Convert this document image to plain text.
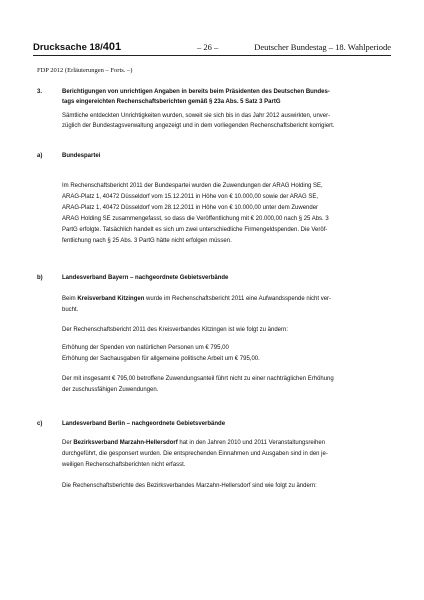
Drucksache 18/401	– 26 –	Deutscher Bundestag – 18. Wahlperiode
FDP 2012 (Erläuterungen – Forts. –)
3.	Berichtigungen von unrichtigen Angaben in bereits beim Präsidenten des Deutschen Bundes-
tags eingereichten Rechenschaftsberichten gemäß § 23a Abs. 5 Satz 3 PartG
Sämtliche entdeckten Unrichtigkeiten wurden, soweit sie sich bis in das Jahr 2012 auswirkten, unver-
züglich der Bundestagsverwaltung angezeigt und in dem vorliegenden Rechenschaftsbericht korrigiert.
a)	Bundespartei
Im Rechenschaftsbericht 2011 der Bundespartei wurden die Zuwendungen der ARAG Holding SE,
ARAG-Platz 1, 40472 Düsseldorf vom 15.12.2011 in Höhe von € 10.000,00 sowie der ARAG SE,
ARAG-Platz 1, 40472 Düsseldorf vom 28.12.2011 in Höhe von € 10.000,00 unter dem Zuwender
ARAG Holding SE zusammengefasst, so dass die Veröffentlichung mit € 20.000,00 nach § 25 Abs. 3
PartG erfolgte. Tatsächlich handelt es sich um zwei unterschiedliche Firmengeldspenden. Die Veröf-
fentlichung nach § 25 Abs. 3 PartG hätte nicht erfolgen müssen.
b)	Landesverband Bayern – nachgeordnete Gebietsverbände
Beim Kreisverband Kitzingen wurde im Rechenschaftsbericht 2011 eine Aufwandsspende nicht ver-
bucht.
Der Rechenschaftsbericht 2011 des Kreisverbandes Kitzingen ist wie folgt zu ändern:
Erhöhung der Spenden von natürlichen Personen um € 795,00
Erhöhung der Sachausgaben für allgemeine politische Arbeit um € 795,00.
Der mit insgesamt € 795,00 betroffene Zuwendungsanteil führt nicht zu einer nachträglichen Erhöhung
der zuschussfähigen Zuwendungen.
c)	Landesverband Berlin – nachgeordnete Gebietsverbände
Der Bezirksverband Marzahn-Hellersdorf hat in den Jahren 2010 und 2011 Veranstaltungsreihen
durchgeführt, die gesponsert wurden. Die entsprechenden Einnahmen und Ausgaben sind in den je-
weiligen Rechenschaftsberichten nicht erfasst.
Die Rechenschaftsberichte des Bezirksverbandes Marzahn-Hellersdorf sind wie folgt zu ändern:
